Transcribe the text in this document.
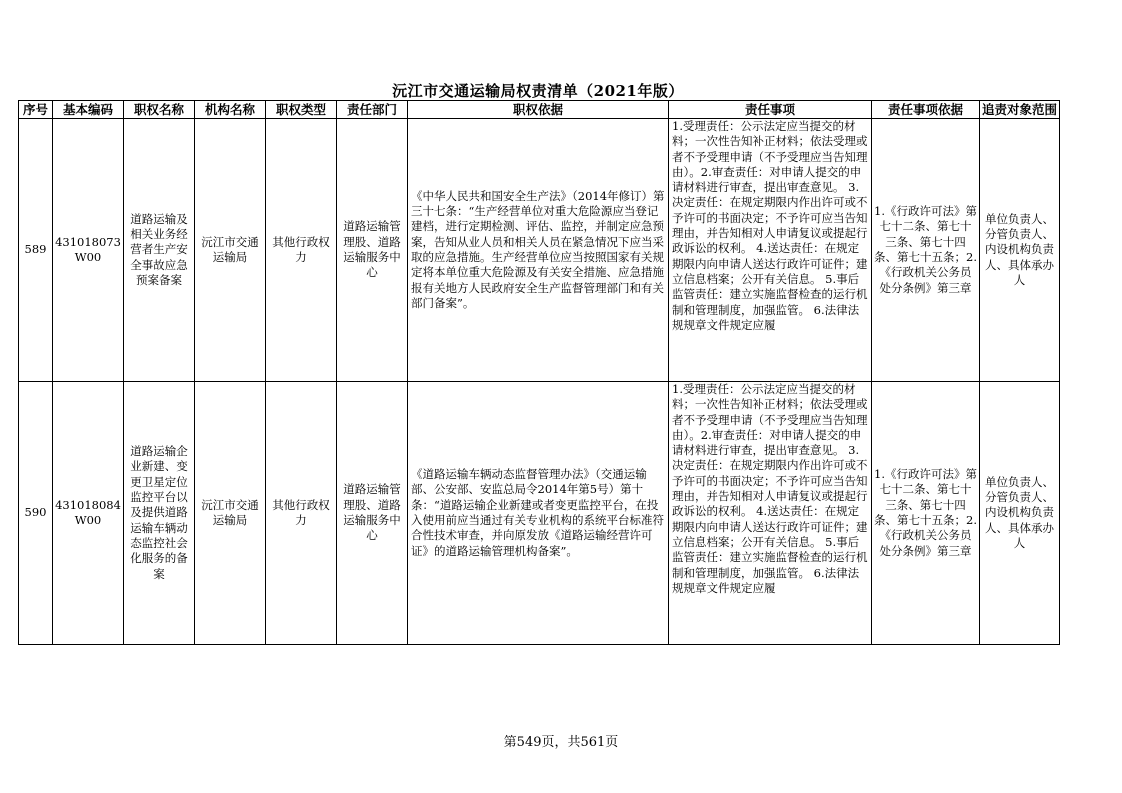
沅江市交通运输局权责清单（2021年版）
序号	基本编码	职权名称	机构名称	职权类型	责任部门	职权依据	责任事项	责任事项依据	追责对象范围
589	431018073W00	道路运输及相关业务经营者生产安全事故应急预案备案	沅江市交通运输局	其他行政权力	道路运输管理股、道路运输服务中心	《中华人民共和国安全生产法》（2014年修订）第三十七条：“生产经营单位对重大危险源应当登记建档，进行定期检测、评估、监控，并制定应急预案，告知从业人员和相关人员在紧急情况下应当采取的应急措施。生产经营单位应当按照国家有关规定将本单位重大危险源及有关安全措施、应急措施报有关地方人民政府安全生产监督管理部门和有关部门备案”。	1.受理责任：公示法定应当提交的材料；一次性告知补正材料；依法受理或者不予受理申请（不予受理应当告知理由）。2.审查责任：对申请人提交的申请材料进行审查，提出审查意见。 3.决定责任：在规定期限内作出许可或不予许可的书面决定；不予许可应当告知理由，并告知相对人申请复议或提起行政诉讼的权利。 4.送达责任：在规定期限内向申请人送达行政许可证件；建立信息档案；公开有关信息。 5.事后监管责任：建立实施监督检查的运行机制和管理制度，加强监管。 6.法律法规规章文件规定应履	1.《行政许可法》第七十二条、第七十三条、第七十四条、第七十五条；2.《行政机关公务员处分条例》第三章	单位负责人、分管负责人、内设机构负责人、具体承办人
590	431018084W00	道路运输企业新建、变更卫星定位监控平台以及提供道路运输车辆动态监控社会化服务的备案	沅江市交通运输局	其他行政权力	道路运输管理股、道路运输服务中心	《道路运输车辆动态监督管理办法》（交通运输部、公安部、安监总局令2014年第5号）第十条：“道路运输企业新建或者变更监控平台，在投入使用前应当通过有关专业机构的系统平台标准符合性技术审查，并向原发放《道路运输经营许可证》的道路运输管理机构备案”。	1.受理责任：公示法定应当提交的材料；一次性告知补正材料；依法受理或者不予受理申请（不予受理应当告知理由）。2.审查责任：对申请人提交的申请材料进行审查，提出审查意见。 3.决定责任：在规定期限内作出许可或不予许可的书面决定；不予许可应当告知理由，并告知相对人申请复议或提起行政诉讼的权利。 4.送达责任：在规定期限内向申请人送达行政许可证件；建立信息档案；公开有关信息。 5.事后监管责任：建立实施监督检查的运行机制和管理制度，加强监管。 6.法律法规规章文件规定应履	1.《行政许可法》第七十二条、第七十三条、第七十四条、第七十五条；2.《行政机关公务员处分条例》第三章	单位负责人、分管负责人、内设机构负责人、具体承办人
第549页，共561页
